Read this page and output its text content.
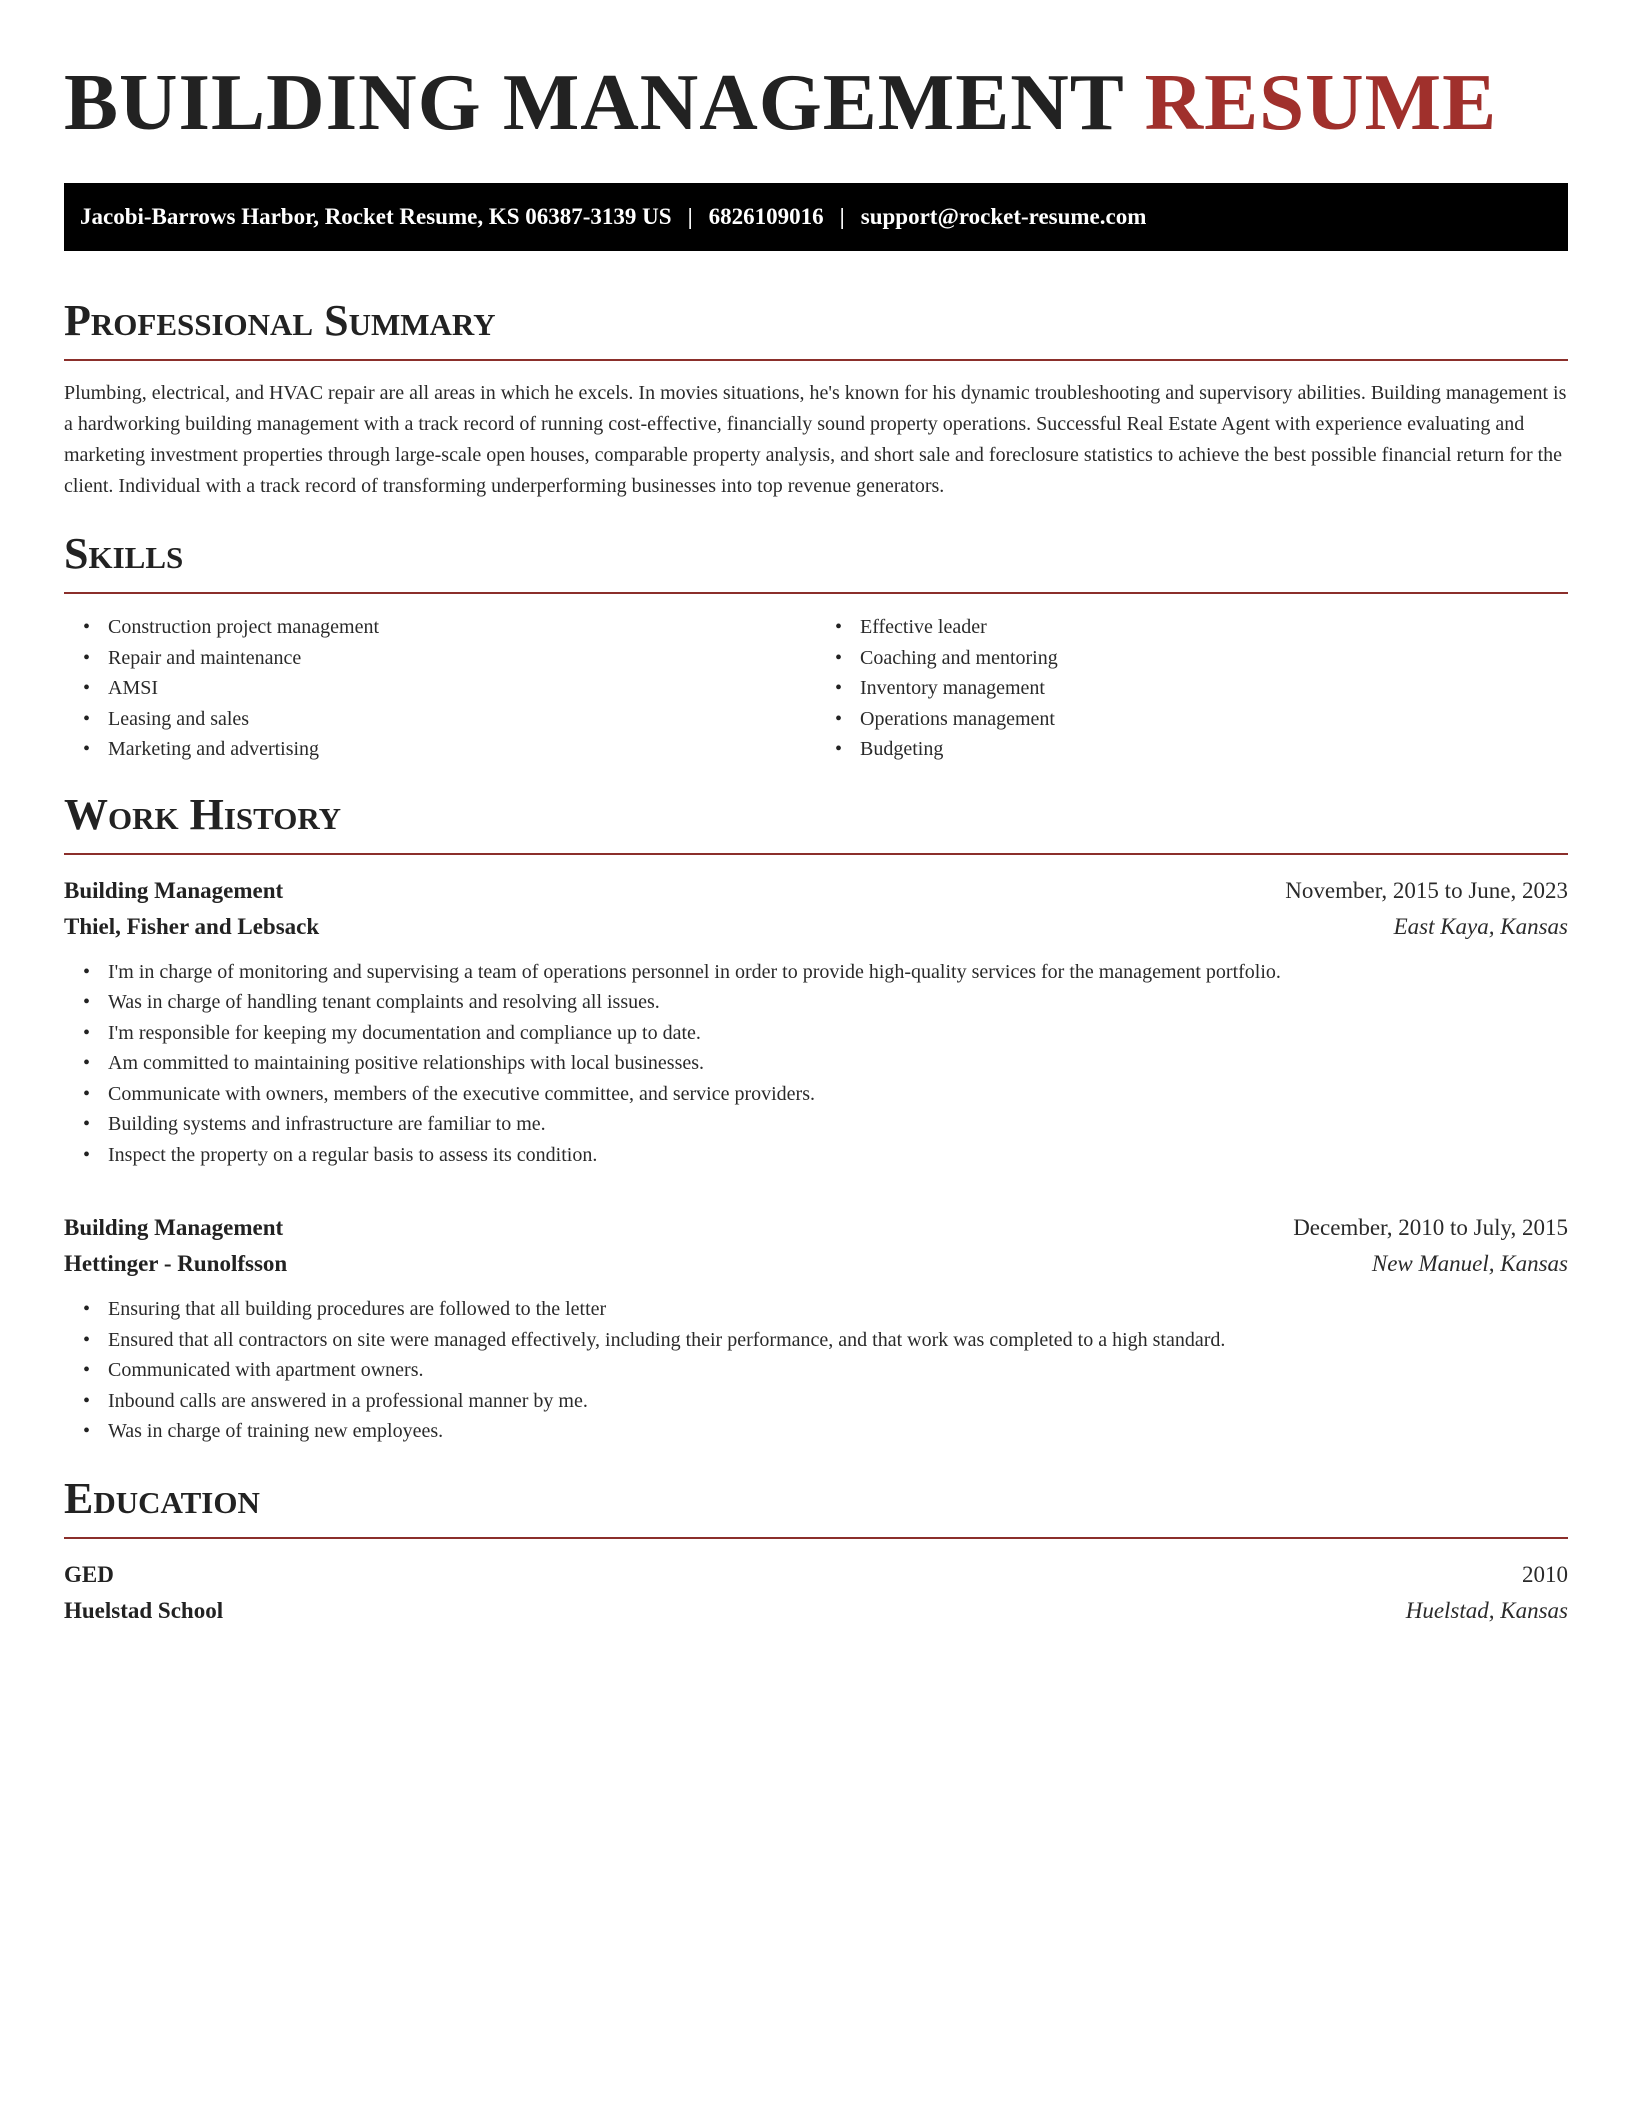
BUILDING MANAGEMENT RESUME
Jacobi-Barrows Harbor, Rocket Resume, KS 06387-3139 US | 6826109016 | support@rocket-resume.com
Professional Summary

Plumbing, electrical, and HVAC repair are all areas in which he excels. In movies situations, he's known for his dynamic troubleshooting and supervisory abilities. Building management is a hardworking building management with a track record of running cost-effective, financially sound property operations. Successful Real Estate Agent with experience evaluating and marketing investment properties through large-scale open houses, comparable property analysis, and short sale and foreclosure statistics to achieve the best possible financial return for the client. Individual with a track record of transforming underperforming businesses into top revenue generators.

Skills
• Construction project management
• Repair and maintenance
• AMSI
• Leasing and sales
• Marketing and advertising
• Effective leader
• Coaching and mentoring
• Inventory management
• Operations management
• Budgeting
Work History
Building Management	November, 2015 to June, 2023
Thiel, Fisher and Lebsack	East Kaya, Kansas
• I'm in charge of monitoring and supervising a team of operations personnel in order to provide high-quality services for the management portfolio.
• Was in charge of handling tenant complaints and resolving all issues.
• I'm responsible for keeping my documentation and compliance up to date.
• Am committed to maintaining positive relationships with local businesses.
• Communicate with owners, members of the executive committee, and service providers.
• Building systems and infrastructure are familiar to me.
• Inspect the property on a regular basis to assess its condition.
Building Management	December, 2010 to July, 2015
Hettinger - Runolfsson	New Manuel, Kansas
• Ensuring that all building procedures are followed to the letter
• Ensured that all contractors on site were managed effectively, including their performance, and that work was completed to a high standard.
• Communicated with apartment owners.
• Inbound calls are answered in a professional manner by me.
• Was in charge of training new employees.
Education
GED	2010
Huelstad School	Huelstad, Kansas
